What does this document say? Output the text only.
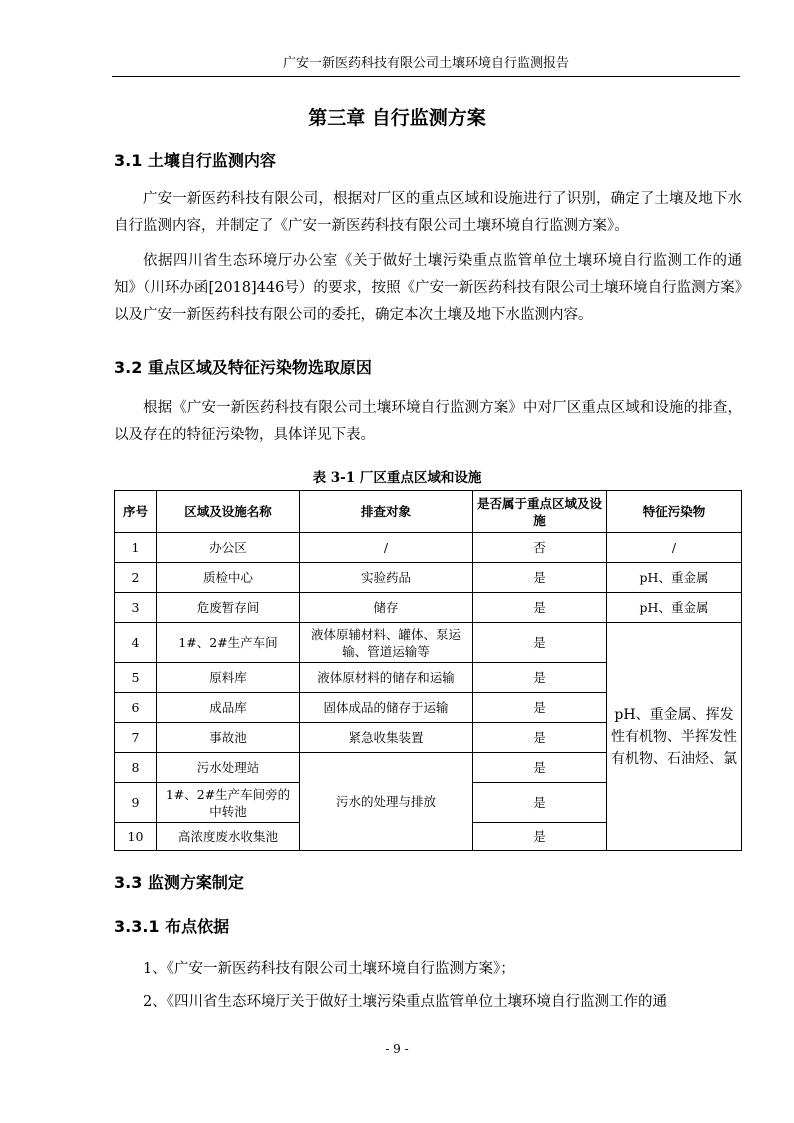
广安一新医药科技有限公司土壤环境自行监测报告
第三章 自行监测方案
3.1 土壤自行监测内容

广安一新医药科技有限公司，根据对厂区的重点区域和设施进行了识别，确定了土壤及地下水自行监测内容，并制定了《广安一新医药科技有限公司土壤环境自行监测方案》。

依据四川省生态环境厅办公室《关于做好土壤污染重点监管单位土壤环境自行监测工作的通知》（川环办函[2018]446号）的要求，按照《广安一新医药科技有限公司土壤环境自行监测方案》以及广安一新医药科技有限公司的委托，确定本次土壤及地下水监测内容。

3.2 重点区域及特征污染物选取原因

根据《广安一新医药科技有限公司土壤环境自行监测方案》中对厂区重点区域和设施的排查，以及存在的特征污染物，具体详见下表。

表 3-1 厂区重点区域和设施
序号	区域及设施名称	排查对象	是否属于重点区域及设施	特征污染物
1	办公区	/	否	/
2	质检中心	实验药品	是	pH、重金属
3	危废暂存间	储存	是	pH、重金属
4	1#、2#生产车间	液体原辅材料、罐体、泵运输、管道运输等	是	pH、重金属、挥发性有机物、半挥发性有机物、石油烃、氯
5	原料库	液体原材料的储存和运输	是	
6	成品库	固体成品的储存于运输	是	
7	事故池	紧急收集装置	是	
8	污水处理站	污水的处理与排放	是	
9	1#、2#生产车间旁的中转池		是	
10	高浓度废水收集池		是	
3.3 监测方案制定
3.3.1 布点依据

1、《广安一新医药科技有限公司土壤环境自行监测方案》；

2、《四川省生态环境厅关于做好土壤污染重点监管单位土壤环境自行监测工作的通

- 9 -
